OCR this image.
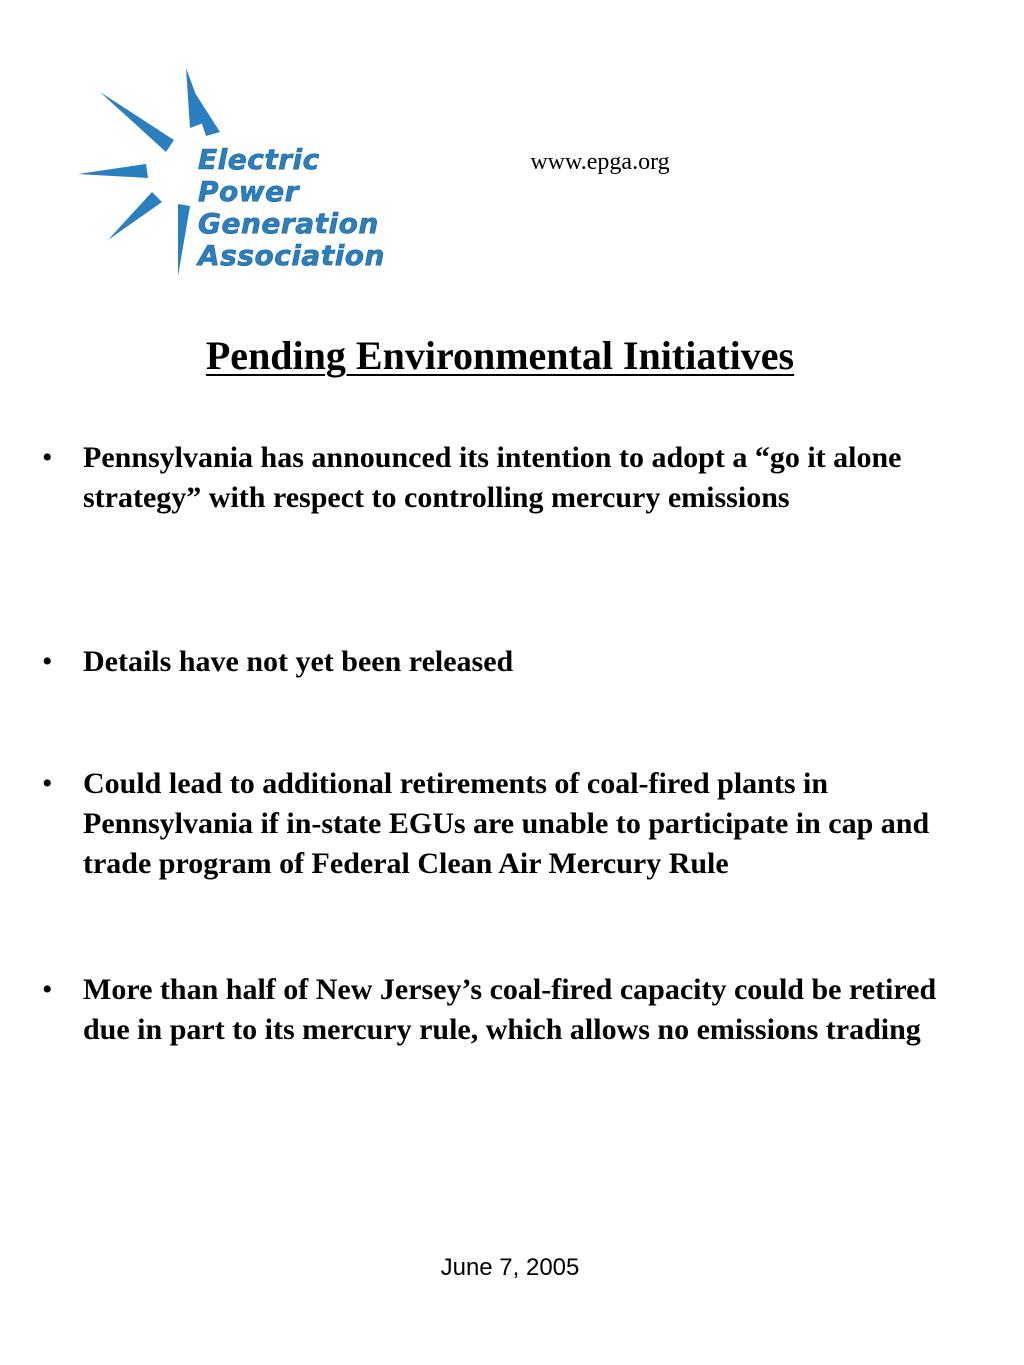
Electric
Power
Generation
Association
www.epga.org
Pending Environmental Initiatives
•	Pennsylvania has announced its intention to adopt a “go it alone strategy” with respect to controlling mercury emissions
•	Details have not yet been released
•	Could lead to additional retirements of coal-fired plants in Pennsylvania if in-state EGUs are unable to participate in cap and trade program of Federal Clean Air Mercury Rule
•	More than half of New Jersey’s coal-fired capacity could be retired due in part to its mercury rule, which allows no emissions trading
June 7, 2005
